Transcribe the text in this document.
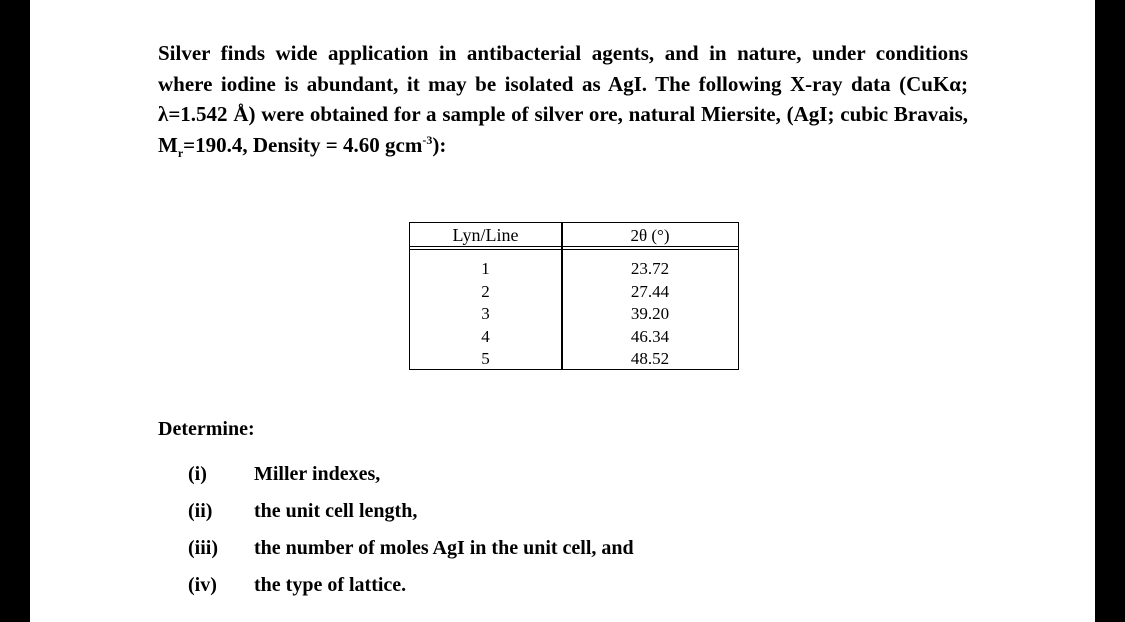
Silver finds wide application in antibacterial agents, and in nature, under conditions
where iodine is abundant, it may be isolated as AgI. The following X-ray data (CuKα;
λ=1.542 Å) were obtained for a sample of silver ore, natural Miersite, (AgI; cubic Bravais,
$M_r=190.4$, Density = 4.60 gcm$^{-3}$):
Lyn/Line	2θ (°)
1
2
3
4
5
23.72
27.44
39.20
46.34
48.52
Determine:
(i) Miller indexes,
(ii) the unit cell length,
(iii) the number of moles AgI in the unit cell, and
(iv) the type of lattice.
